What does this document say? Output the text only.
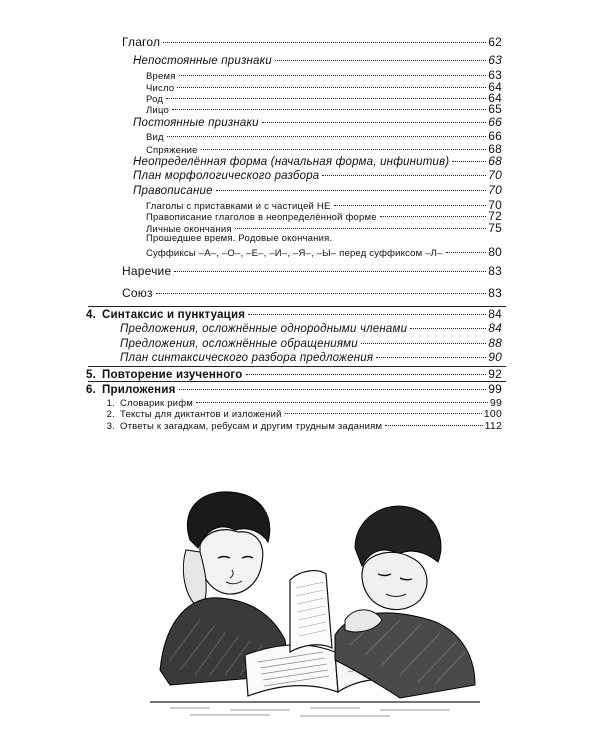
Глагол	62
Непостоянные признаки	63
Время	63
Число	64
Род	64
Лицо	65
Постоянные признаки	66
Вид	66
Спряжение	68
Неопределённая форма (начальная форма, инфинитив)	68
План морфологического разбора	70
Правописание	70
Глаголы с приставками и с частицей НЕ	70
Правописание глаголов в неопределённой форме	72
Личные окончания	75
Прошедшее время. Родовые окончания.
Суффиксы –А–, –О–, –Е–, –И–, –Я–, –Ы– перед суффиксом –Л–	80
Наречие	83
Союз	83
4. Синтаксис и пунктуация	84
Предложения, осложнённые однородными членами	84
Предложения, осложнённые обращениями	88
План синтаксического разбора предложения	90
5. Повторение изученного	92
6. Приложения	99
1. Словарик рифм	99
2. Тексты для диктантов и изложений	100
3. Ответы к загадкам, ребусам и другим трудным заданиям	112
